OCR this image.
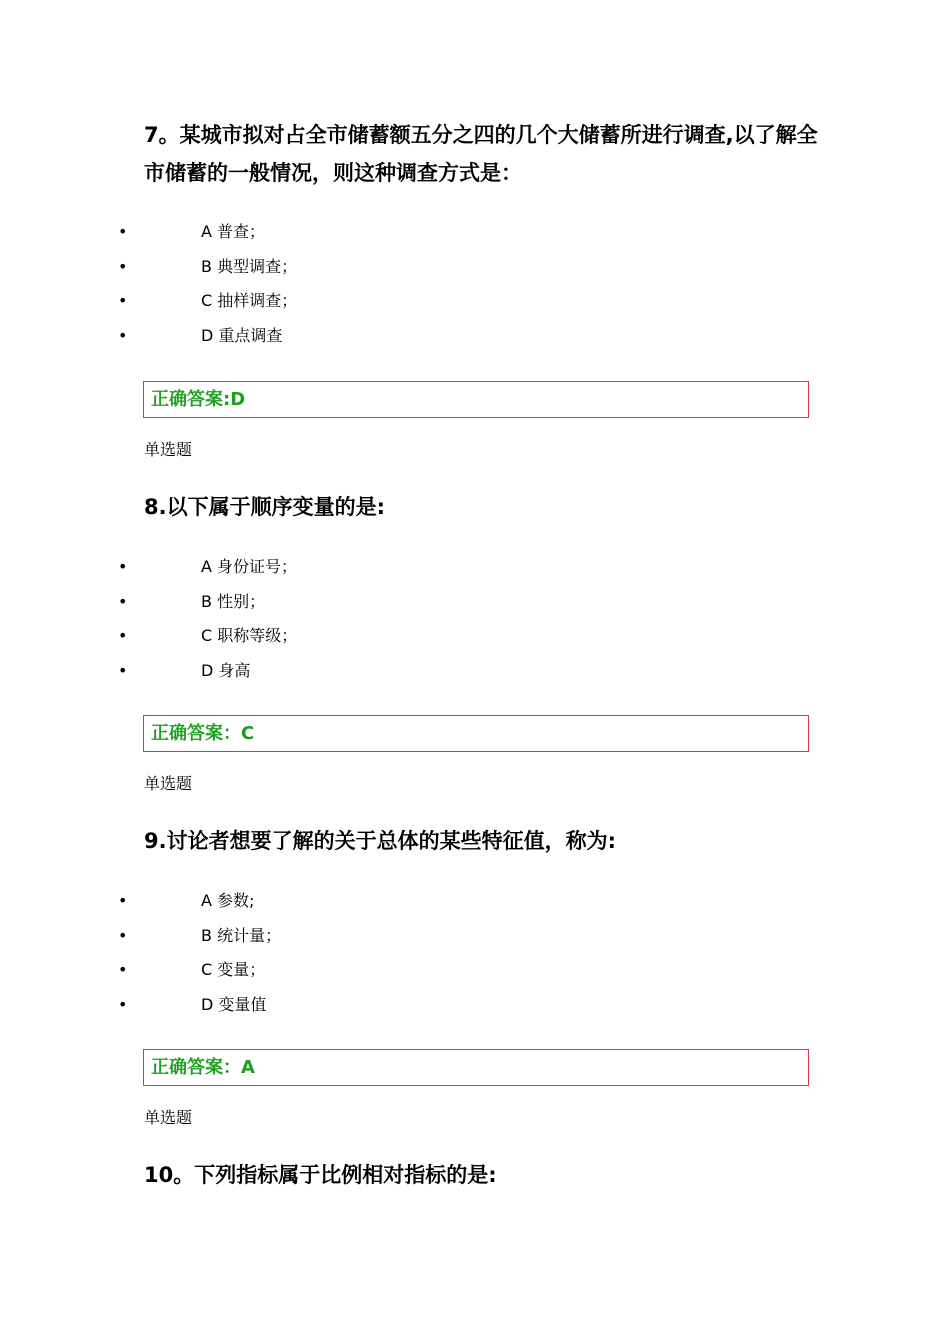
7。某城市拟对占全市储蓄额五分之四的几个大储蓄所进行调查,以了解全市储蓄的一般情况，则这种调查方式是：

•	A 普查；
•	B 典型调查；
•	C 抽样调查；
•	D 重点调查
正确答案:D
单选题

8.以下属于顺序变量的是:

•	A 身份证号；
•	B 性别；
•	C 职称等级；
•	D 身高
正确答案：C
单选题

9.讨论者想要了解的关于总体的某些特征值，称为:

•	A 参数;
•	B 统计量；
•	C 变量；
•	D 变量值
正确答案：A
单选题

10。下列指标属于比例相对指标的是:
